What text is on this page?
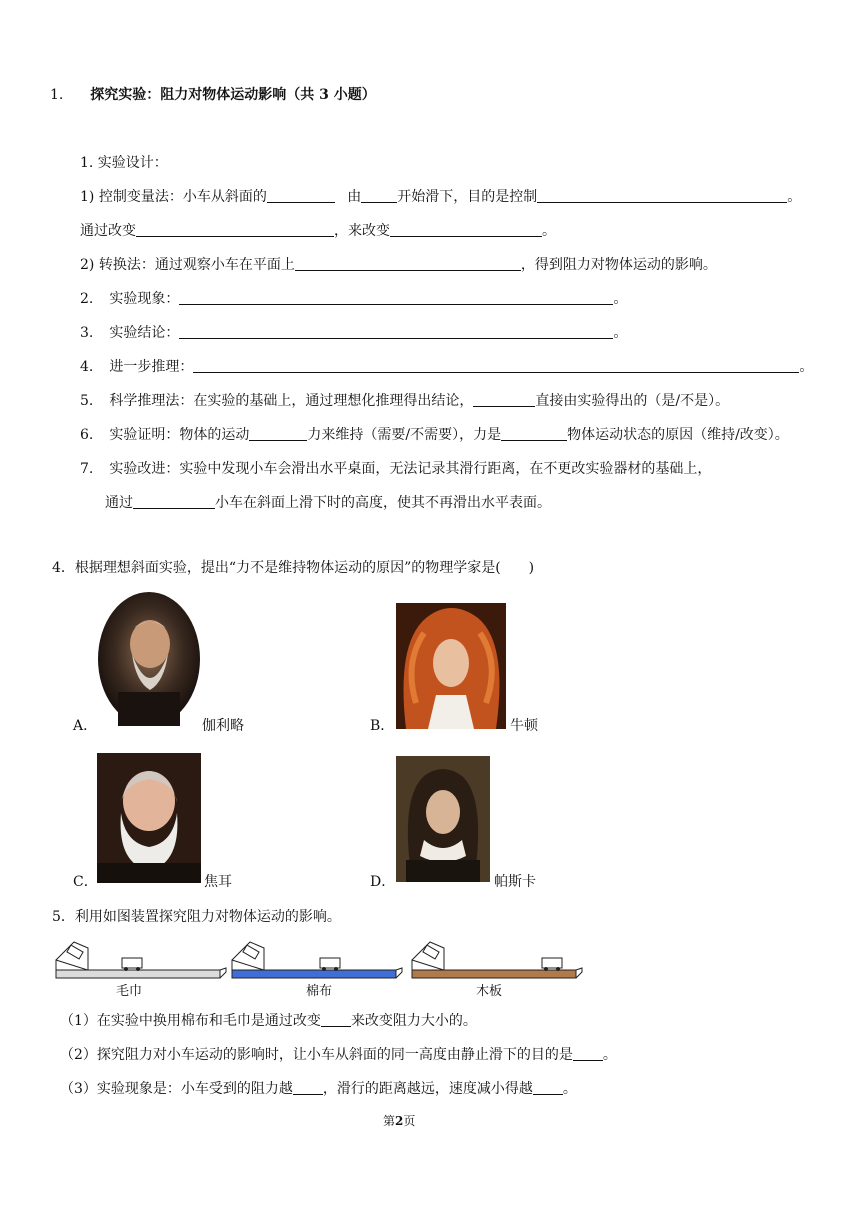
1. 探究实验：阻力对物体运动影响（共 3 小题）
1. 实验设计：
1) 控制变量法：小车从斜面的	由	开始滑下，目的是控制	。
通过改变	，来改变	。
2) 转换法：通过观察小车在平面上	，得到阻力对物体运动的影响。
2. 实验现象：	。
3. 实验结论：	。
4. 进一步推理：	。
5. 科学推理法：在实验的基础上，通过理想化推理得出结论，	直接由实验得出的（是/不是）。
6. 实验证明：物体的运动	力来维持（需要/不需要），力是	物体运动状态的原因（维持/改变）。
7. 实验改进：实验中发现小车会滑出水平桌面，无法记录其滑行距离，在不更改实验器材的基础上，
通过	小车在斜面上滑下时的高度，使其不再滑出水平表面。
4．根据理想斜面实验，提出“力不是维持物体运动的原因”的物理学家是(　　)
A．	伽利略	B．	牛顿
C．	焦耳	D．	帕斯卡
5．利用如图装置探究阻力对物体运动的影响。
毛巾	棉布	木板
（1）在实验中换用棉布和毛巾是通过改变 来改变阻力大小的。
（2）探究阻力对小车运动的影响时，让小车从斜面的同一高度由静止滑下的目的是 。
（3）实验现象是：小车受到的阻力越 ，滑行的距离越远，速度减小得越 。
第2页
